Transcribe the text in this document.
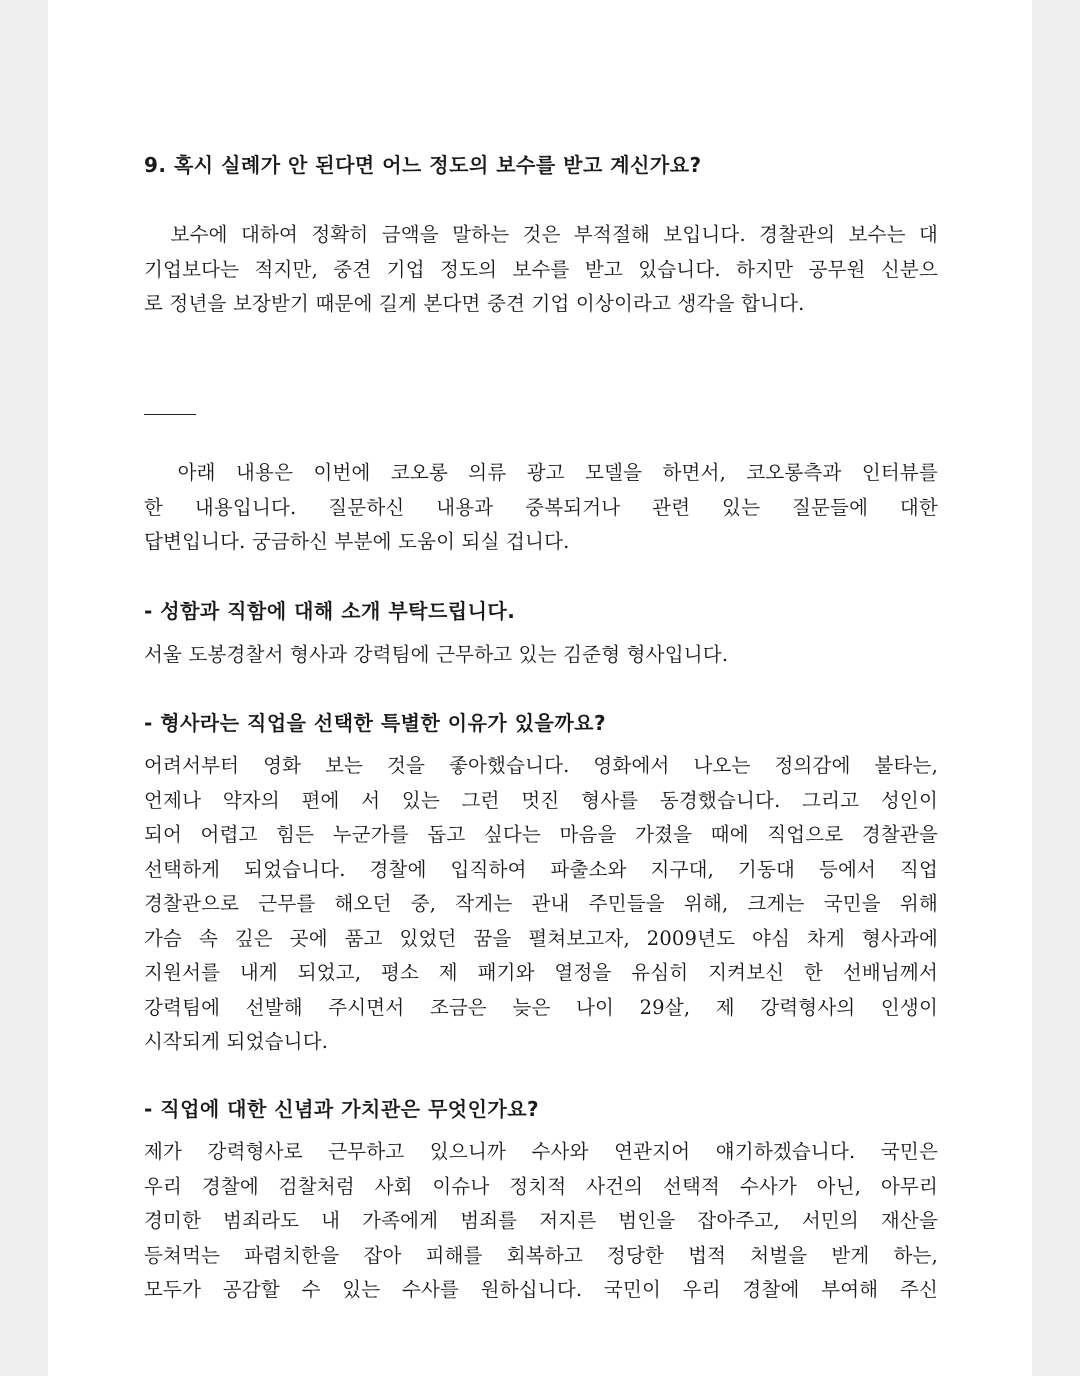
9. 혹시 실례가 안 된다면 어느 정도의 보수를 받고 계신가요?
　보수에 대하여 정확히 금액을 말하는 것은 부적절해 보입니다. 경찰관의 보수는 대
기업보다는 적지만, 중견 기업 정도의 보수를 받고 있습니다. 하지만 공무원 신분으
로 정년을 보장받기 때문에 길게 본다면 중견 기업 이상이라고 생각을 합니다.
　아래 내용은 이번에 코오롱 의류 광고 모델을 하면서, 코오롱측과 인터뷰를
한 내용입니다. 질문하신 내용과 중복되거나 관련 있는 질문들에 대한
답변입니다. 궁금하신 부분에 도움이 되실 겁니다.
- 성함과 직함에 대해 소개 부탁드립니다.
서울 도봉경찰서 형사과 강력팀에 근무하고 있는 김준형 형사입니다.
- 형사라는 직업을 선택한 특별한 이유가 있을까요?
어려서부터 영화 보는 것을 좋아했습니다. 영화에서 나오는 정의감에 불타는,
언제나 약자의 편에 서 있는 그런 멋진 형사를 동경했습니다. 그리고 성인이
되어 어렵고 힘든 누군가를 돕고 싶다는 마음을 가졌을 때에 직업으로 경찰관을
선택하게 되었습니다. 경찰에 입직하여 파출소와 지구대, 기동대 등에서 직업
경찰관으로 근무를 해오던 중, 작게는 관내 주민들을 위해, 크게는 국민을 위해
가슴 속 깊은 곳에 품고 있었던 꿈을 펼쳐보고자, 2009년도 야심 차게 형사과에
지원서를 내게 되었고, 평소 제 패기와 열정을 유심히 지켜보신 한 선배님께서
강력팀에 선발해 주시면서 조금은 늦은 나이 29살, 제 강력형사의 인생이
시작되게 되었습니다.
- 직업에 대한 신념과 가치관은 무엇인가요?
제가 강력형사로 근무하고 있으니까 수사와 연관지어 얘기하겠습니다. 국민은
우리 경찰에 검찰처럼 사회 이슈나 정치적 사건의 선택적 수사가 아닌, 아무리
경미한 범죄라도 내 가족에게 범죄를 저지른 범인을 잡아주고, 서민의 재산을
등쳐먹는 파렴치한을 잡아 피해를 회복하고 정당한 법적 처벌을 받게 하는,
모두가 공감할 수 있는 수사를 원하십니다. 국민이 우리 경찰에 부여해 주신
